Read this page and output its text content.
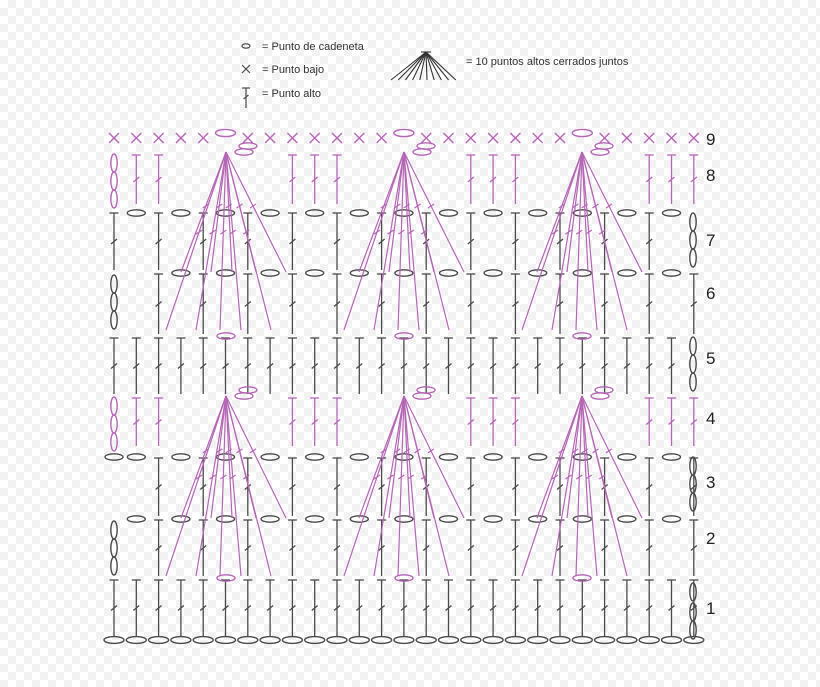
= Punto de cadeneta
= Punto bajo
= Punto alto
= 10 puntos altos cerrados juntos
1
2
3
4
5
6
7
8
9
